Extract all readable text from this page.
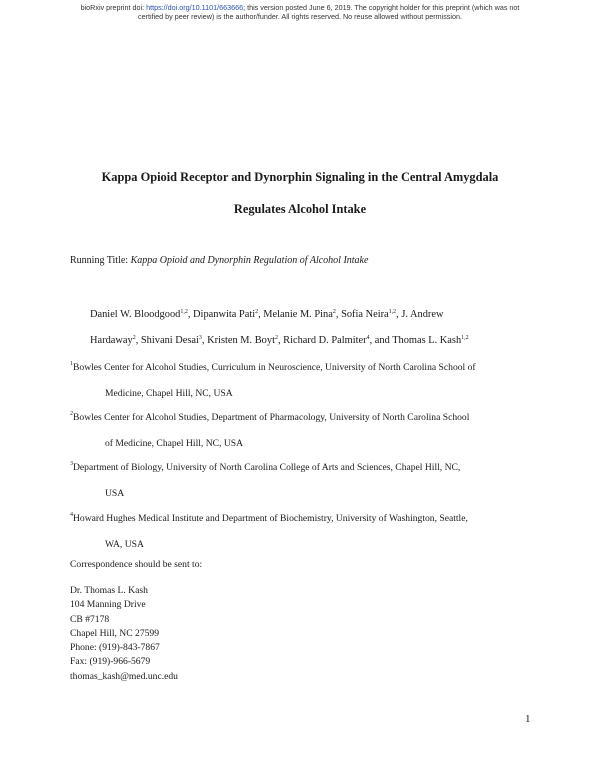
bioRxiv preprint doi: https://doi.org/10.1101/663666; this version posted June 6, 2019. The copyright holder for this preprint (which was not
certified by peer review) is the author/funder. All rights reserved. No reuse allowed without permission.
Kappa Opioid Receptor and Dynorphin Signaling in the Central Amygdala
Regulates Alcohol Intake
Running Title: Kappa Opioid and Dynorphin Regulation of Alcohol Intake
Daniel W. Bloodgood$^{1,2}$, Dipanwita Pati$^2$, Melanie M. Pina$^2$, Sofia Neira$^{1,2}$, J. Andrew
Hardaway$^2$, Shivani Desai$^3$, Kristen M. Boyt$^2$, Richard D. Palmiter$^4$, and Thomas L. Kash$^{1,2}$
$^1$Bowles Center for Alcohol Studies, Curriculum in Neuroscience, University of North Carolina School of
Medicine, Chapel Hill, NC, USA
$^2$Bowles Center for Alcohol Studies, Department of Pharmacology, University of North Carolina School
of Medicine, Chapel Hill, NC, USA
$^3$Department of Biology, University of North Carolina College of Arts and Sciences, Chapel Hill, NC,
USA
$^4$Howard Hughes Medical Institute and Department of Biochemistry, University of Washington, Seattle,
WA, USA
Correspondence should be sent to:
Dr. Thomas L. Kash
104 Manning Drive
CB #7178
Chapel Hill, NC 27599
Phone: (919)-843-7867
Fax: (919)-966-5679
thomas_kash@med.unc.edu
1
